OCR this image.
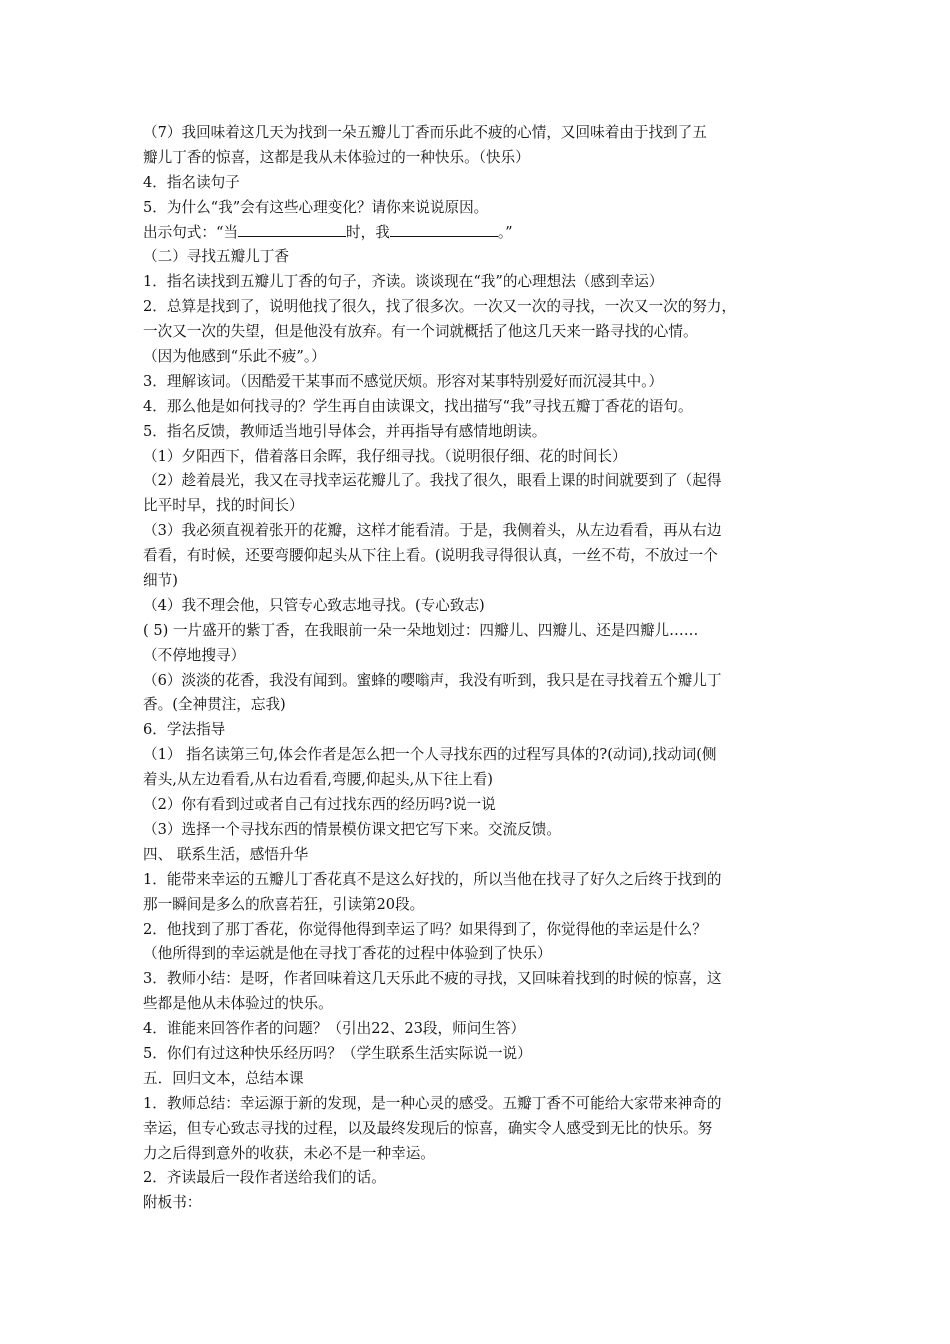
（7）我回味着这几天为找到一朵五瓣儿丁香而乐此不疲的心情，又回味着由于找到了五
瓣儿丁香的惊喜，这都是我从未体验过的一种快乐。（快乐）
4．指名读句子
5．为什么“我”会有这些心理变化？请你来说说原因。
出示句式：“当	时，我	。”
（二）寻找五瓣儿丁香
1．指名读找到五瓣儿丁香的句子，齐读。谈谈现在“我”的心理想法（感到幸运）
2．总算是找到了，说明他找了很久，找了很多次。一次又一次的寻找，一次又一次的努力，
一次又一次的失望，但是他没有放弃。有一个词就概括了他这几天来一路寻找的心情。
（因为他感到“乐此不疲”。）
3．理解该词。（因酷爱干某事而不感觉厌烦。形容对某事特别爱好而沉浸其中。）
4．那么他是如何找寻的？学生再自由读课文，找出描写“我”寻找五瓣丁香花的语句。
5．指名反馈，教师适当地引导体会，并再指导有感情地朗读。
（1）夕阳西下，借着落日余晖，我仔细寻找。（说明很仔细、花的时间长）
（2）趁着晨光，我又在寻找幸运花瓣儿了。我找了很久，眼看上课的时间就要到了（起得
比平时早，找的时间长）
（3）我必须直视着张开的花瓣，这样才能看清。于是，我侧着头，从左边看看，再从右边
看看，有时候，还要弯腰仰起头从下往上看。(说明我寻得很认真，一丝不苟，不放过一个
细节)
（4）我不理会他，只管专心致志地寻找。(专心致志)
( 5) 一片盛开的紫丁香，在我眼前一朵一朵地划过：四瓣儿、四瓣儿、还是四瓣儿……
（不停地搜寻）
（6）淡淡的花香，我没有闻到。蜜蜂的嘤嗡声，我没有听到，我只是在寻找着五个瓣儿丁
香。(全神贯注，忘我)
6．学法指导
（1） 指名读第三句,体会作者是怎么把一个人寻找东西的过程写具体的?(动词),找动词(侧
着头,从左边看看,从右边看看,弯腰,仰起头,从下往上看)
（2）你有看到过或者自己有过找东西的经历吗?说一说
（3）选择一个寻找东西的情景模仿课文把它写下来。交流反馈。
四、 联系生活，感悟升华
1．能带来幸运的五瓣儿丁香花真不是这么好找的，所以当他在找寻了好久之后终于找到的
那一瞬间是多么的欣喜若狂，引读第20段。
2．他找到了那丁香花，你觉得他得到幸运了吗？如果得到了，你觉得他的幸运是什么？
（他所得到的幸运就是他在寻找丁香花的过程中体验到了快乐）
3．教师小结：是呀，作者回味着这几天乐此不疲的寻找，又回味着找到的时候的惊喜，这
些都是他从未体验过的快乐。
4．谁能来回答作者的问题？（引出22、23段，师问生答）
5．你们有过这种快乐经历吗？（学生联系生活实际说一说）
五．回归文本，总结本课
1．教师总结：幸运源于新的发现，是一种心灵的感受。五瓣丁香不可能给大家带来神奇的
幸运，但专心致志寻找的过程，以及最终发现后的惊喜，确实令人感受到无比的快乐。努
力之后得到意外的收获，未必不是一种幸运。
2．齐读最后一段作者送给我们的话。
附板书：
